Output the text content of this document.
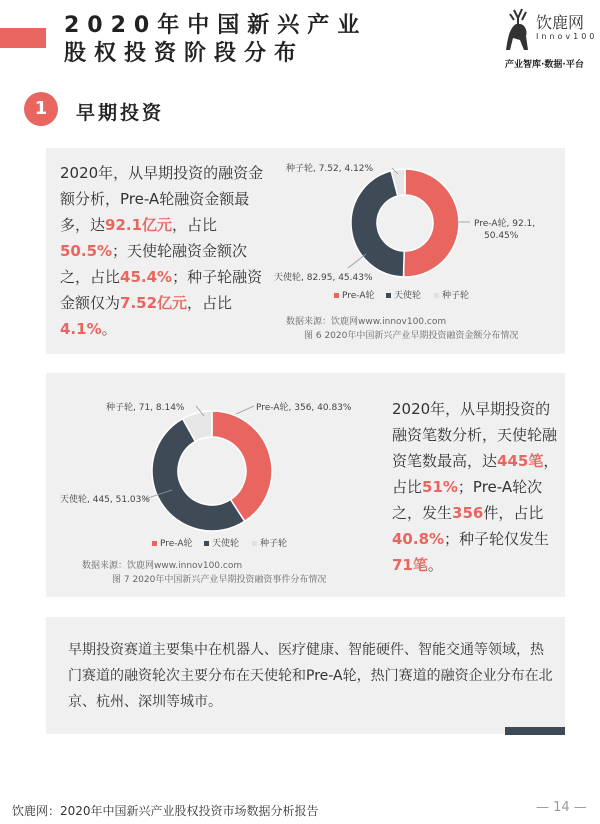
2020年中国新兴产业
股权投资阶段分布
饮鹿网
Innov100
产业智库·数据·平台
1	早期投资
2020年，从早期投资的融资金额分析，Pre-A轮融资金额最多，达92.1亿元，占比50.5%；天使轮融资金额次之，占比45.4%；种子轮融资金额仅为7.52亿元，占比4.1%。
2020年，从早期投资的融资笔数分析，天使轮融资笔数最高，达445笔，占比51%；Pre-A轮次之，发生356件，占比40.8%；种子轮仅发生71笔。
早期投资赛道主要集中在机器人、医疗健康、智能硬件、智能交通等领域，热门赛道的融资轮次主要分布在天使轮和Pre-A轮，热门赛道的融资企业分布在北京、杭州、深圳等城市。
种子轮, 7.52, 4.12%
Pre-A轮, 92.1,
50.45%
天使轮, 82.95, 45.43%
Pre-A轮 天使轮 种子轮
数据来源：饮鹿网www.innov100.com
图 6 2020年中国新兴产业早期投资融资金额分布情况
种子轮, 71, 8.14%	Pre-A轮, 356, 40.83%
天使轮, 445, 51.03%
Pre-A轮 天使轮 种子轮
数据来源：饮鹿网www.innov100.com
图 7 2020年中国新兴产业早期投资融资事件分布情况
饮鹿网：2020年中国新兴产业股权投资市场数据分析报告	— 14 —
